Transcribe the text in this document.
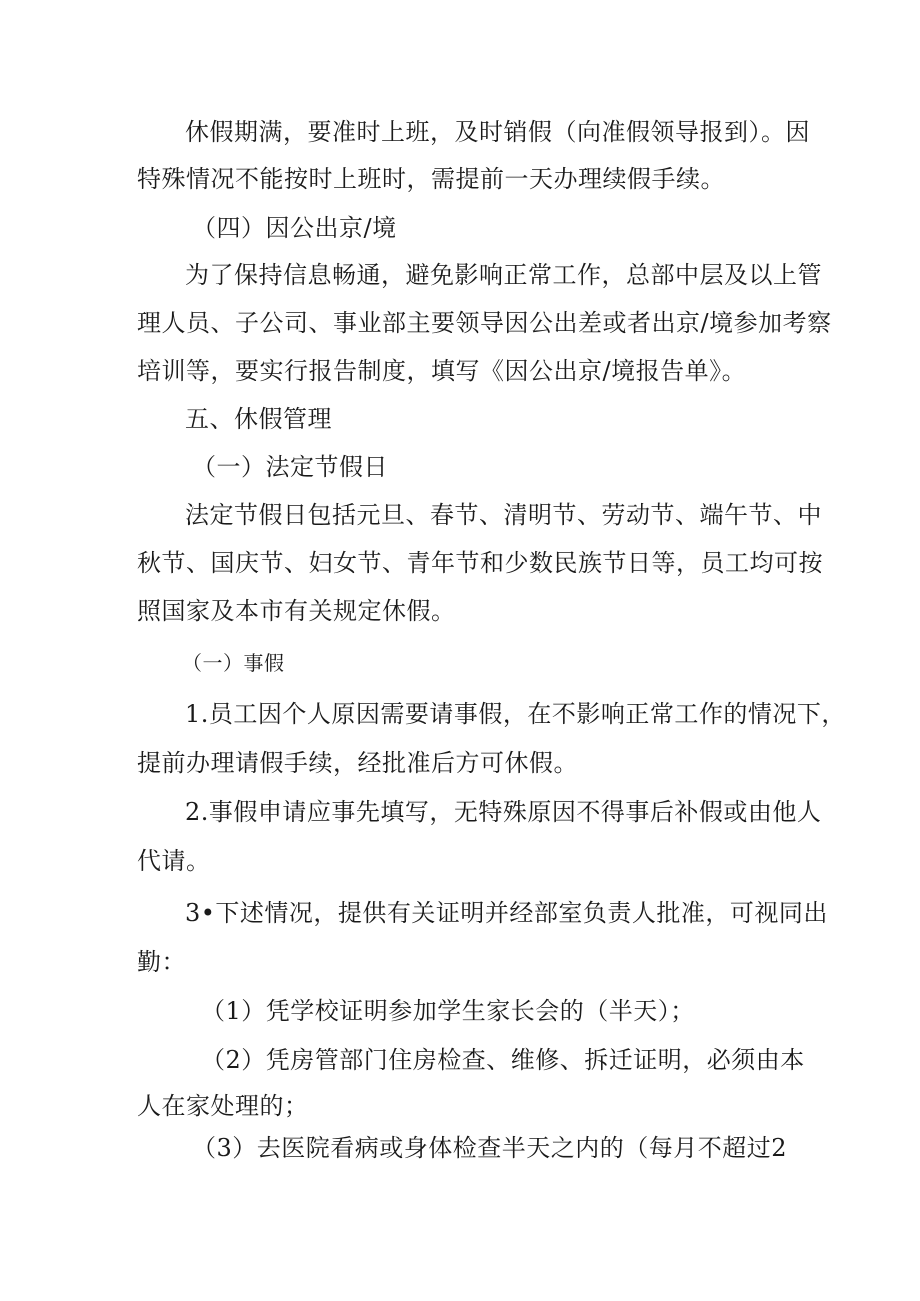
休假期满，要准时上班，及时销假（向准假领导报到）。因
特殊情况不能按时上班时，需提前一天办理续假手续。
（四）因公出京/境
为了保持信息畅通，避免影响正常工作，总部中层及以上管
理人员、子公司、事业部主要领导因公出差或者出京/境参加考察
培训等，要实行报告制度，填写《因公出京/境报告单》。
五、休假管理
（一）法定节假日
法定节假日包括元旦、春节、清明节、劳动节、端午节、中
秋节、国庆节、妇女节、青年节和少数民族节日等，员工均可按
照国家及本市有关规定休假。
（一）事假
1.员工因个人原因需要请事假，在不影响正常工作的情况下，
提前办理请假手续，经批准后方可休假。
2.事假申请应事先填写，无特殊原因不得事后补假或由他人
代请。
3•下述情况，提供有关证明并经部室负责人批准，可视同出
勤：
（1）凭学校证明参加学生家长会的（半天）；
（2）凭房管部门住房检查、维修、拆迁证明，必须由本
人在家处理的；
（3）去医院看病或身体检查半天之内的（每月不超过2
